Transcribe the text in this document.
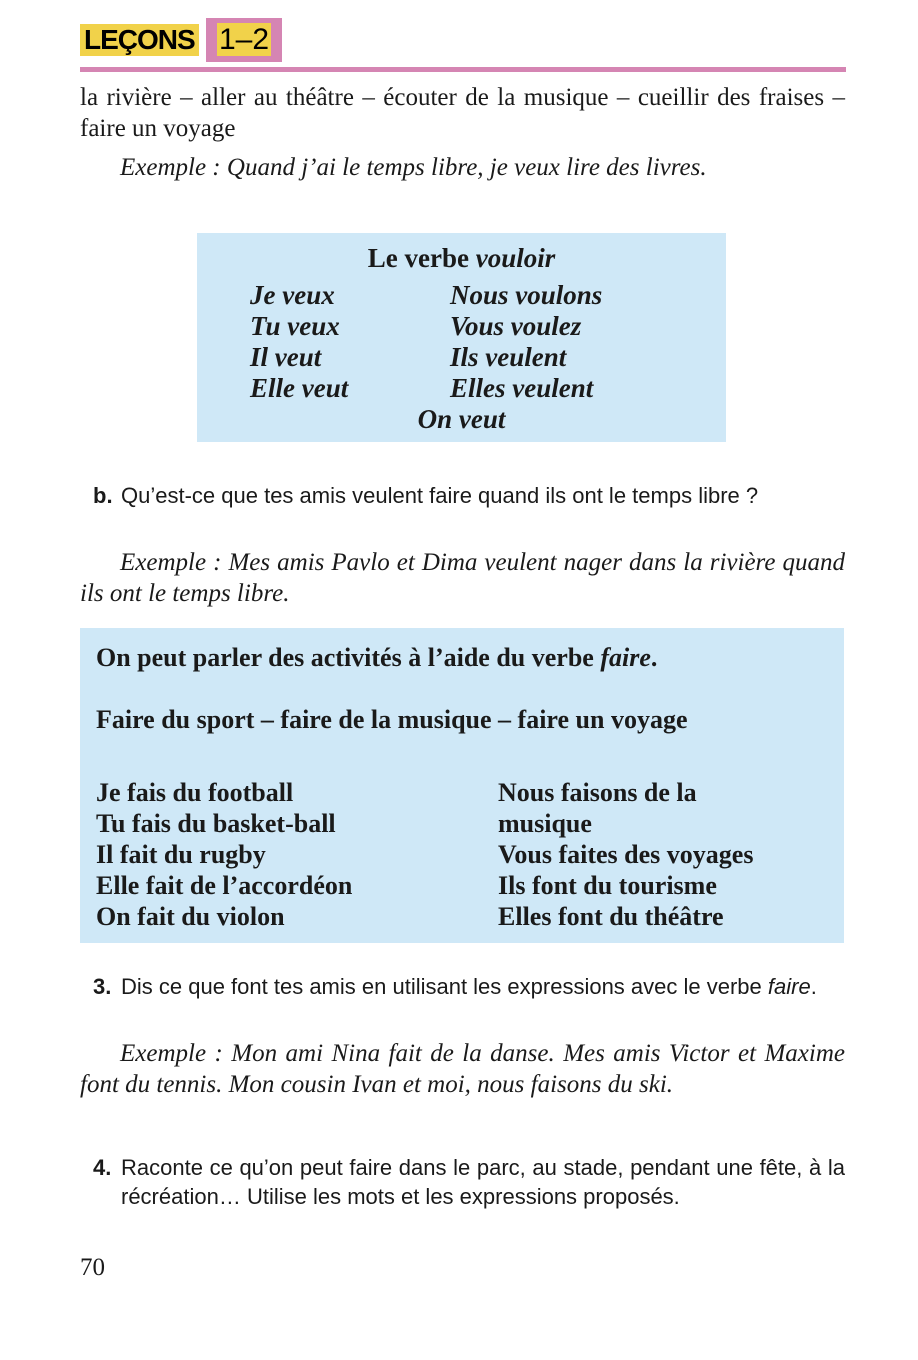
LEÇONS 1–2
la rivière – aller au théâtre – écouter de la musique – cueillir des fraises – faire un voyage
Exemple : Quand j’ai le temps libre, je veux lire des livres.
Le verbe vouloir
Je veux
Tu veux
Il veut
Elle veut
Nous voulons
Vous voulez
Ils veulent
Elles veulent
On veut
b. Qu’est-ce que tes amis veulent faire quand ils ont le temps libre ?
Exemple : Mes amis Pavlo et Dima veulent nager dans la rivière quand ils ont le temps libre.
On peut parler des activités à l’aide du verbe faire.
Faire du sport – faire de la musique – faire un voyage
Je fais du football
Tu fais du basket-ball
Il fait du rugby
Elle fait de l’accordéon
On fait du violon
Nous faisons de la
musique
Vous faites des voyages
Ils font du tourisme
Elles font du théâtre
3. Dis ce que font tes amis en utilisant les expressions avec le verbe faire.
Exemple : Mon ami Nina fait de la danse. Mes amis Victor et Maxime font du tennis. Mon cousin Ivan et moi, nous faisons du ski.
4. Raconte ce qu’on peut faire dans le parc, au stade, pendant une fête, à la récréation… Utilise les mots et les expressions proposés.
70
